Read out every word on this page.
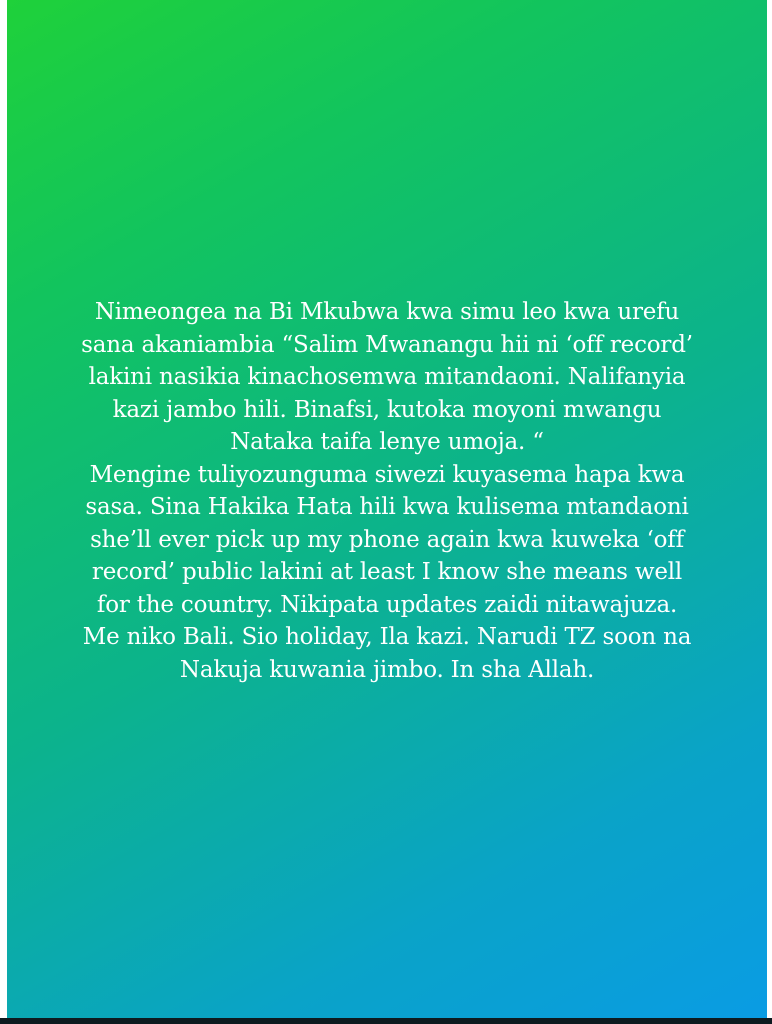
Nimeongea na Bi Mkubwa kwa simu leo kwa urefu
sana akaniambia “Salim Mwanangu hii ni ‘off record’
lakini nasikia kinachosemwa mitandaoni. Nalifanyia
kazi jambo hili. Binafsi, kutoka moyoni mwangu
Nataka taifa lenye umoja. “
Mengine tuliyozunguma siwezi kuyasema hapa kwa
sasa. Sina Hakika Hata hili kwa kulisema mtandaoni
she’ll ever pick up my phone again kwa kuweka ‘off
record’ public lakini at least I know she means well
for the country. Nikipata updates zaidi nitawajuza.
Me niko Bali. Sio holiday, Ila kazi. Narudi TZ soon na
Nakuja kuwania jimbo. In sha Allah.
